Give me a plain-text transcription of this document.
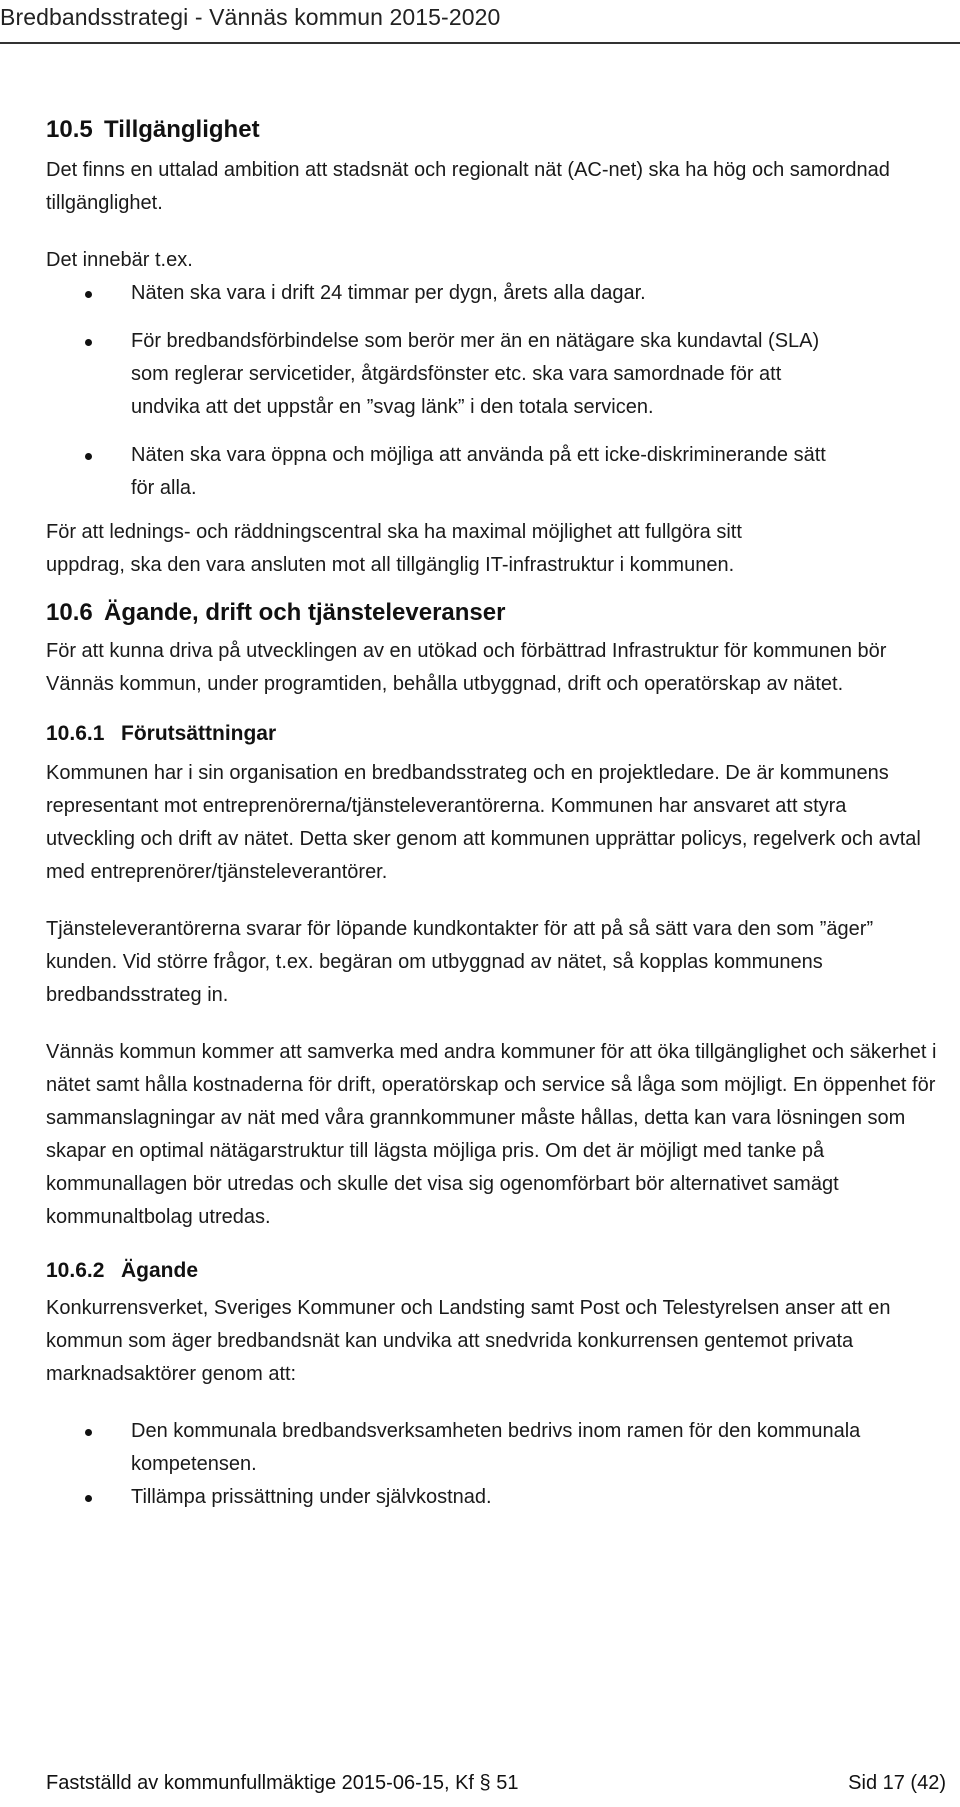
Bredbandsstrategi - Vännäs kommun 2015-2020
10.5 Tillgänglighet

Det finns en uttalad ambition att stadsnät och regionalt nät (AC-net) ska ha hög och samordnad tillgänglighet.

Det innebär t.ex.

Näten ska vara i drift 24 timmar per dygn, årets alla dagar.
För bredbandsförbindelse som berör mer än en nätägare ska kundavtal (SLA) som reglerar servicetider, åtgärdsfönster etc. ska vara samordnade för att undvika att det uppstår en ”svag länk” i den totala servicen.
Näten ska vara öppna och möjliga att använda på ett icke-diskriminerande sätt för alla.

För att lednings- och räddningscentral ska ha maximal möjlighet att fullgöra sitt uppdrag, ska den vara ansluten mot all tillgänglig IT-infrastruktur i kommunen.

10.6 Ägande, drift och tjänsteleveranser

För att kunna driva på utvecklingen av en utökad och förbättrad Infrastruktur för kommunen bör Vännäs kommun, under programtiden, behålla utbyggnad, drift och operatörskap av nätet.

10.6.1 Förutsättningar

Kommunen har i sin organisation en bredbandsstrateg och en projektledare. De är kommunens representant mot entreprenörerna/tjänsteleverantörerna. Kommunen har ansvaret att styra utveckling och drift av nätet. Detta sker genom att kommunen upprättar policys, regelverk och avtal med entreprenörer/tjänsteleverantörer.

Tjänsteleverantörerna svarar för löpande kundkontakter för att på så sätt vara den som ”äger” kunden. Vid större frågor, t.ex. begäran om utbyggnad av nätet, så kopplas kommunens bredbandsstrateg in.

Vännäs kommun kommer att samverka med andra kommuner för att öka tillgänglighet och säkerhet i nätet samt hålla kostnaderna för drift, operatörskap och service så låga som möjligt. En öppenhet för sammanslagningar av nät med våra grannkommuner måste hållas, detta kan vara lösningen som skapar en optimal nätägarstruktur till lägsta möjliga pris. Om det är möjligt med tanke på kommunallagen bör utredas och skulle det visa sig ogenomförbart bör alternativet samägt kommunaltbolag utredas.

10.6.2 Ägande

Konkurrensverket, Sveriges Kommuner och Landsting samt Post och Telestyrelsen anser att en kommun som äger bredbandsnät kan undvika att snedvrida konkurrensen gentemot privata marknadsaktörer genom att:

Den kommunala bredbandsverksamheten bedrivs inom ramen för den kommunala kompetensen.
Tillämpa prissättning under självkostnad.
Fastställd av kommunfullmäktige 2015-06-15, Kf § 51	Sid 17 (42)
